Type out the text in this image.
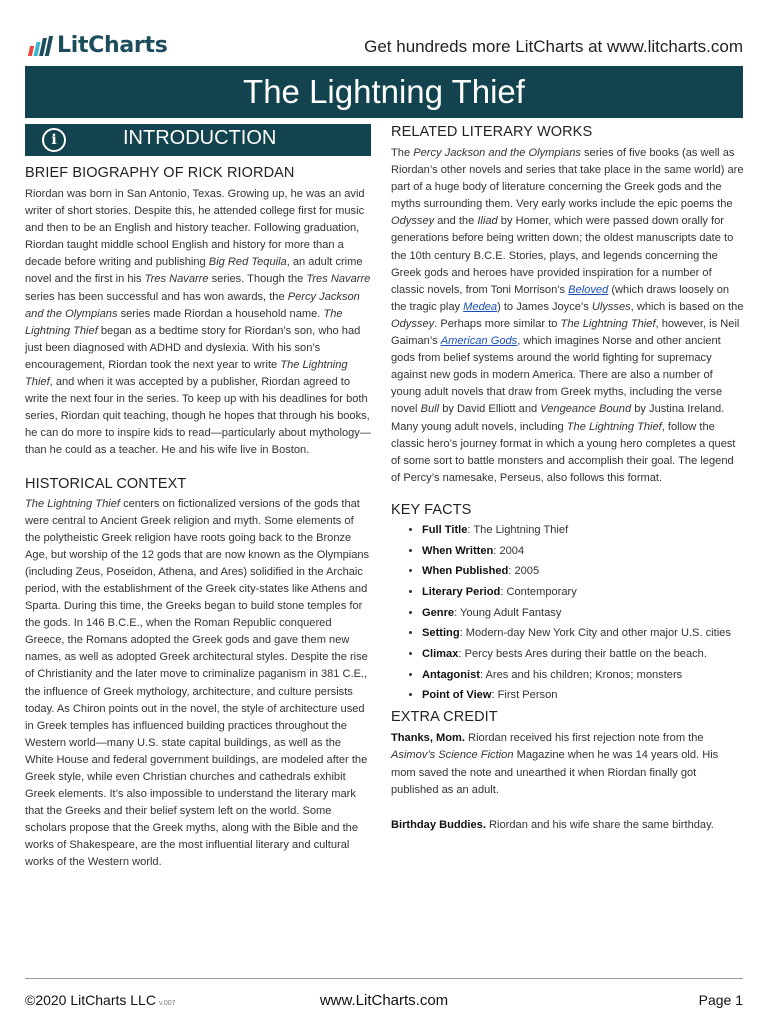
LitCharts	Get hundreds more LitCharts at www.litcharts.com
The Lightning Thief
i	INTRODUCTION
BRIEF BIOGRAPHY OF RICK RIORDAN

Riordan was born in San Antonio, Texas. Growing up, he was an avid writer of short stories. Despite this, he attended college first for music and then to be an English and history teacher. Following graduation, Riordan taught middle school English and history for more than a decade before writing and publishing Big Red Tequila, an adult crime novel and the first in his Tres Navarre series. Though the Tres Navarre series has been successful and has won awards, the Percy Jackson and the Olympians series made Riordan a household name. The Lightning Thief began as a bedtime story for Riordan’s son, who had just been diagnosed with ADHD and dyslexia. With his son’s encouragement, Riordan took the next year to write The Lightning Thief, and when it was accepted by a publisher, Riordan agreed to write the next four in the series. To keep up with his deadlines for both series, Riordan quit teaching, though he hopes that through his books, he can do more to inspire kids to read—particularly about mythology—than he could as a teacher. He and his wife live in Boston.

HISTORICAL CONTEXT

The Lightning Thief centers on fictionalized versions of the gods that were central to Ancient Greek religion and myth. Some elements of the polytheistic Greek religion have roots going back to the Bronze Age, but worship of the 12 gods that are now known as the Olympians (including Zeus, Poseidon, Athena, and Ares) solidified in the Archaic period, with the establishment of the Greek city-states like Athens and Sparta. During this time, the Greeks began to build stone temples for the gods. In 146 B.C.E., when the Roman Republic conquered Greece, the Romans adopted the Greek gods and gave them new names, as well as adopted Greek architectural styles. Despite the rise of Christianity and the later move to criminalize paganism in 381 C.E., the influence of Greek mythology, architecture, and culture persists today. As Chiron points out in the novel, the style of architecture used in Greek temples has influenced building practices throughout the Western world—many U.S. state capital buildings, as well as the White House and federal government buildings, are modeled after the Greek style, while even Christian churches and cathedrals exhibit Greek elements. It’s also impossible to understand the literary mark that the Greeks and their belief system left on the world. Some scholars propose that the Greek myths, along with the Bible and the works of Shakespeare, are the most influential literary and cultural works of the Western world.

RELATED LITERARY WORKS

The Percy Jackson and the Olympians series of five books (as well as Riordan’s other novels and series that take place in the same world) are part of a huge body of literature concerning the Greek gods and the myths surrounding them. Very early works include the epic poems the Odyssey and the Iliad by Homer, which were passed down orally for generations before being written down; the oldest manuscripts date to the 10th century B.C.E. Stories, plays, and legends concerning the Greek gods and heroes have provided inspiration for a number of classic novels, from Toni Morrison’s Beloved (which draws loosely on the tragic play Medea) to James Joyce’s Ulysses, which is based on the Odyssey. Perhaps more similar to The Lightning Thief, however, is Neil Gaiman’s American Gods, which imagines Norse and other ancient gods from belief systems around the world fighting for supremacy against new gods in modern America. There are also a number of young adult novels that draw from Greek myths, including the verse novel Bull by David Elliott and Vengeance Bound by Justina Ireland. Many young adult novels, including The Lightning Thief, follow the classic hero’s journey format in which a young hero completes a quest of some sort to battle monsters and accomplish their goal. The legend of Percy’s namesake, Perseus, also follows this format.

KEY FACTS
• Full Title: The Lightning Thief
• When Written: 2004
• When Published: 2005
• Literary Period: Contemporary
• Genre: Young Adult Fantasy
• Setting: Modern-day New York City and other major U.S. cities
• Climax: Percy bests Ares during their battle on the beach.
• Antagonist: Ares and his children; Kronos; monsters
• Point of View: First Person
EXTRA CREDIT

Thanks, Mom. Riordan received his first rejection note from the Asimov’s Science Fiction Magazine when he was 14 years old. His mom saved the note and unearthed it when Riordan finally got published as an adult.

Birthday Buddies. Riordan and his wife share the same birthday.

©2020 LitCharts LLC v.007	www.LitCharts.com	Page 1
